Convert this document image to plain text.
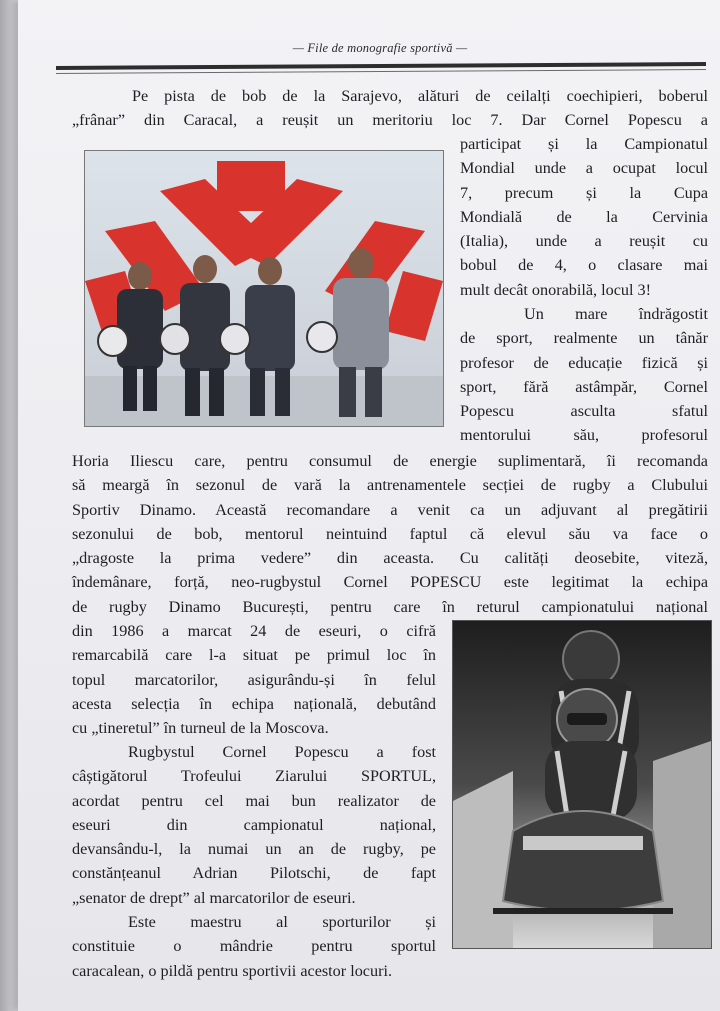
— File de monografie sportivă —

Pe pista de bob de la Sarajevo, alături de ceilalți coechipieri, boberul

„frânar” din Caracal, a reușit un meritoriu loc 7. Dar Cornel Popescu a

participat și la Campionatul

Mondial unde a ocupat locul

7, precum și la Cupa

Mondială de la Cervinia

(Italia), unde a reușit cu

bobul de 4, o clasare mai

mult decât onorabilă, locul 3!

Un mare îndrăgostit

de sport, realmente un tânăr

profesor de educație fizică și

sport, fără astâmpăr, Cornel

Popescu asculta sfatul

mentorului său, profesorul

Horia Iliescu care, pentru consumul de energie suplimentară, îi recomanda

să meargă în sezonul de vară la antrenamentele secției de rugby a Clubului

Sportiv Dinamo. Această recomandare a venit ca un adjuvant al pregătirii

sezonului de bob, mentorul neintuind faptul că elevul său va face o

„dragoste la prima vedere” din aceasta. Cu calități deosebite, viteză,

îndemânare, forță, neo-rugbystul Cornel POPESCU este legitimat la echipa

de rugby Dinamo București, pentru care în returul campionatului național

din 1986 a marcat 24 de eseuri, o cifră

remarcabilă care l-a situat pe primul loc în

topul marcatorilor, asigurându-și în felul

acesta selecția în echipa națională, debutând

cu „tineretul” în turneul de la Moscova.

Rugbystul Cornel Popescu a fost

câștigătorul Trofeului Ziarului SPORTUL,

acordat pentru cel mai bun realizator de

eseuri din campionatul național,

devansându-l, la numai un an de rugby, pe

constănțeanul Adrian Pilotschi, de fapt

„senator de drept” al marcatorilor de eseuri.

Este maestru al sporturilor și

constituie o mândrie pentru sportul

caracalean, o pildă pentru sportivii acestor locuri.
